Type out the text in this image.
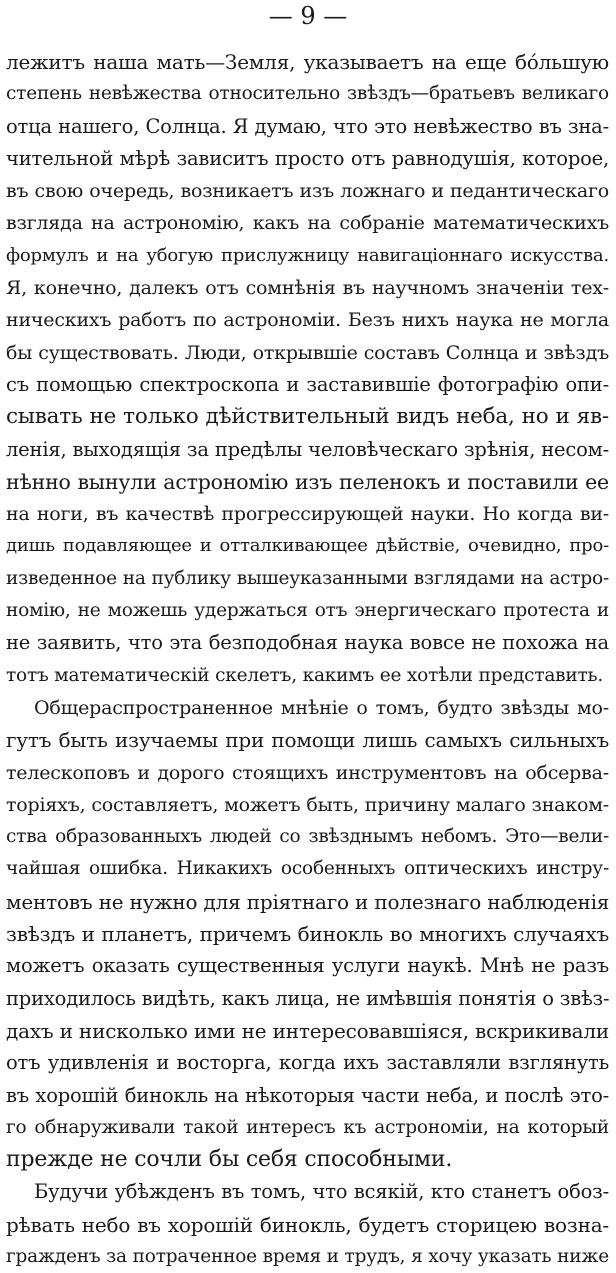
— 9 —
лежитъ наша мать—Земля, указываетъ на еще бо́льшую
степень невѣжества относительно звѣздъ—братьевъ великаго
отца нашего, Солнца. Я думаю, что это невѣжество въ зна-
чительной мѣрѣ зависитъ просто отъ равнодушія, которое,
въ свою очередь, возникаетъ изъ ложнаго и педантическаго
взгляда на астрономію, какъ на собраніе математическихъ
формулъ и на убогую прислужницу навигаціоннаго искусства.
Я, конечно, далекъ отъ сомнѣнія въ научномъ значеніи тех-
ническихъ работъ по астрономіи. Безъ нихъ наука не могла
бы существовать. Люди, открывшіе составъ Солнца и звѣздъ
съ помощью спектроскопа и заставившіе фотографію опи-
сывать не только дѣйствительный видъ неба, но и яв-
ленія, выходящія за предѣлы человѣческаго зрѣнія, несом-
нѣнно вынули астрономію изъ пеленокъ и поставили ее
на ноги, въ качествѣ прогрессирующей науки. Но когда ви-
дишь подавляющее и отталкивающее дѣйствіе, очевидно, про-
изведенное на публику вышеуказанными взглядами на астро-
номію, не можешь удержаться отъ энергическаго протеста и
не заявить, что эта безподобная наука вовсе не похожа на
тотъ математическій скелетъ, какимъ ее хотѣли представить.
Общераспространенное мнѣніе о томъ, будто звѣзды мо-
гутъ быть изучаемы при помощи лишь самыхъ сильныхъ
телескоповъ и дорого стоящихъ инструментовъ на обсерва-
торіяхъ, составляетъ, можетъ быть, причину малаго знаком-
ства образованныхъ людей со звѣзднымъ небомъ. Это—вели-
чайшая ошибка. Никакихъ особенныхъ оптическихъ инстру-
ментовъ не нужно для пріятнаго и полезнаго наблюденія
звѣздъ и планетъ, причемъ бинокль во многихъ случаяхъ
можетъ оказать существенныя услуги наукѣ. Мнѣ не разъ
приходилось видѣть, какъ лица, не имѣвшія понятія о звѣз-
дахъ и нисколько ими не интересовавшіяся, вскрикивали
отъ удивленія и восторга, когда ихъ заставляли взглянуть
въ хорошій бинокль на нѣкоторыя части неба, и послѣ это-
го обнаруживали такой интересъ къ астрономіи, на который
прежде не сочли бы себя способными.
Будучи убѣжденъ въ томъ, что всякій, кто станетъ обоз-
рѣвать небо въ хорошій бинокль, будетъ сторицею возна-
гражденъ за потраченное время и трудъ, я хочу указать ниже
